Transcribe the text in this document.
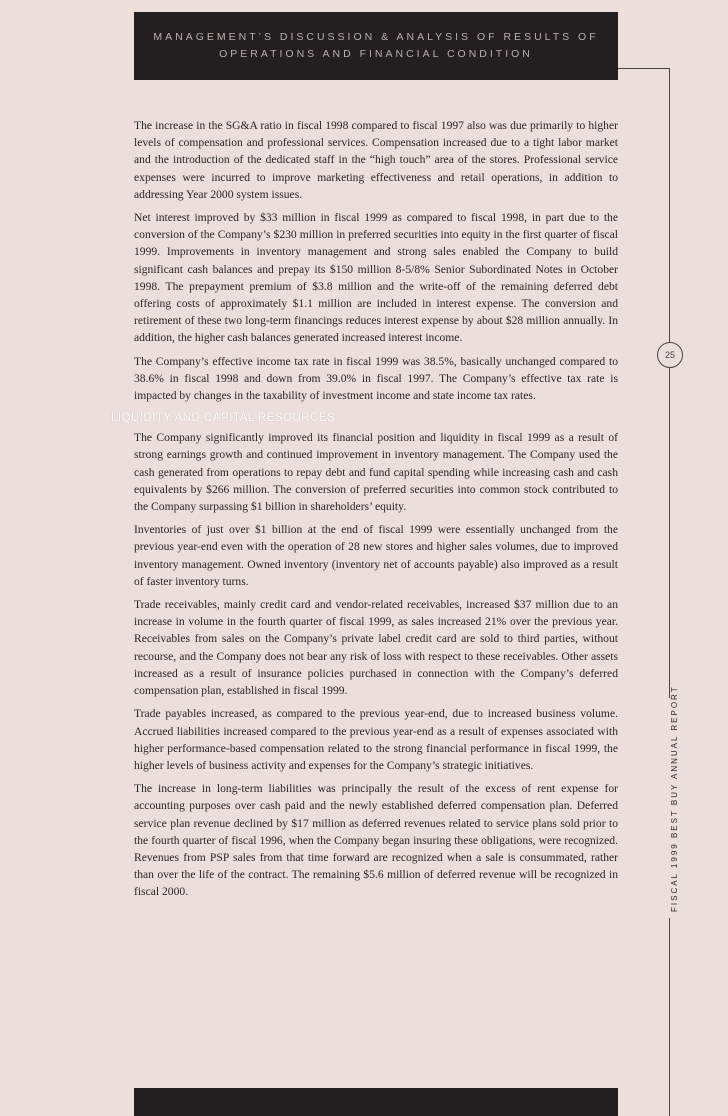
MANAGEMENT’S DISCUSSION & ANALYSIS OF RESULTS OF
OPERATIONS AND FINANCIAL CONDITION
25
FISCAL 1999 BEST BUY ANNUAL REPORT

The increase in the SG&A ratio in fiscal 1998 compared to fiscal 1997 also was due primarily to higher levels of compensation and professional services. Compensation increased due to a tight labor market and the introduction of the dedicated staff in the “high touch” area of the stores. Professional service expenses were incurred to improve marketing effectiveness and retail operations, in addition to addressing Year 2000 system issues.

Net interest improved by $33 million in fiscal 1999 as compared to fiscal 1998, in part due to the conversion of the Company’s $230 million in preferred securities into equity in the first quarter of fiscal 1999. Improvements in inventory management and strong sales enabled the Company to build significant cash balances and prepay its $150 million 8-5/8% Senior Subordinated Notes in October 1998. The prepayment premium of $3.8 million and the write-off of the remaining deferred debt offering costs of approximately $1.1 million are included in interest expense. The conversion and retirement of these two long-term financings reduces interest expense by about $28 million annually. In addition, the higher cash balances generated increased interest income.

The Company’s effective income tax rate in fiscal 1999 was 38.5%, basically unchanged compared to 38.6% in fiscal 1998 and down from 39.0% in fiscal 1997. The Company’s effective tax rate is impacted by changes in the taxability of investment income and state income tax rates.

LIQUIDITY AND CAPITAL RESOURCES

The Company significantly improved its financial position and liquidity in fiscal 1999 as a result of strong earnings growth and continued improvement in inventory management. The Company used the cash generated from operations to repay debt and fund capital spending while increasing cash and cash equivalents by $266 million. The conversion of preferred securities into common stock contributed to the Company surpassing $1 billion in shareholders’ equity.

Inventories of just over $1 billion at the end of fiscal 1999 were essentially unchanged from the previous year-end even with the operation of 28 new stores and higher sales volumes, due to improved inventory management. Owned inventory (inventory net of accounts payable) also improved as a result of faster inventory turns.

Trade receivables, mainly credit card and vendor-related receivables, increased $37 million due to an increase in volume in the fourth quarter of fiscal 1999, as sales increased 21% over the previous year. Receivables from sales on the Company’s private label credit card are sold to third parties, without recourse, and the Company does not bear any risk of loss with respect to these receivables. Other assets increased as a result of insurance policies purchased in connection with the Company’s deferred compensation plan, established in fiscal 1999.

Trade payables increased, as compared to the previous year-end, due to increased business volume. Accrued liabilities increased compared to the previous year-end as a result of expenses associated with higher performance-based compensation related to the strong financial performance in fiscal 1999, the higher levels of business activity and expenses for the Company’s strategic initiatives.

The increase in long-term liabilities was principally the result of the excess of rent expense for accounting purposes over cash paid and the newly established deferred compensation plan. Deferred service plan revenue declined by $17 million as deferred revenues related to service plans sold prior to the fourth quarter of fiscal 1996, when the Company began insuring these obligations, were recognized. Revenues from PSP sales from that time forward are recognized when a sale is consummated, rather than over the life of the contract. The remaining $5.6 million of deferred revenue will be recognized in fiscal 2000.
